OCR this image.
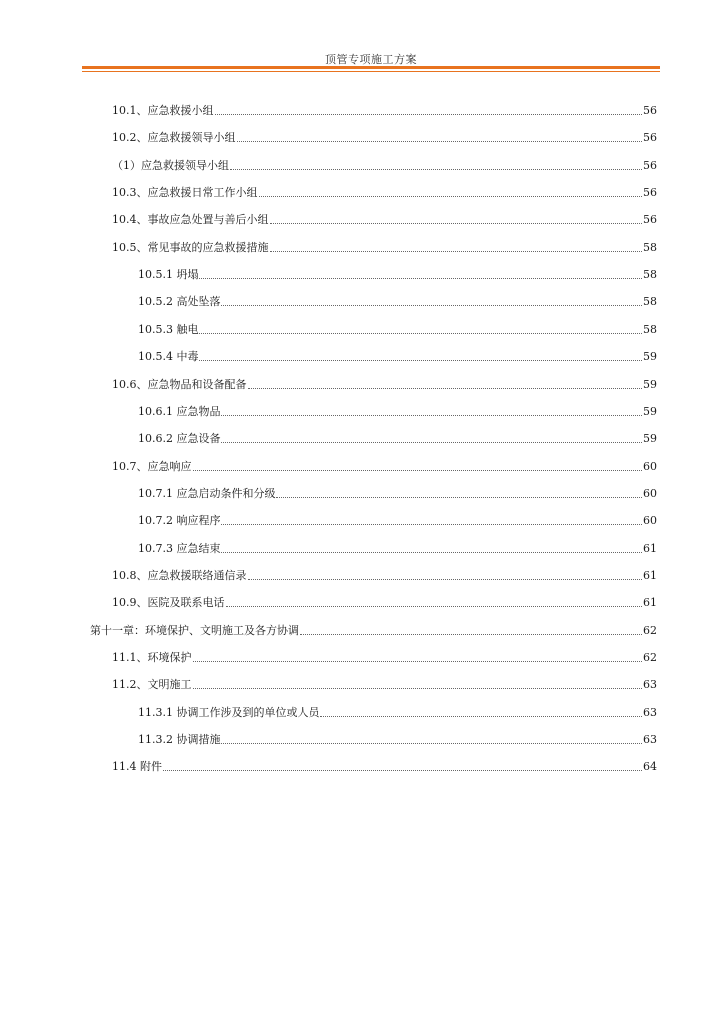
顶管专项施工方案
10.1、应急救援小组	56
10.2、应急救援领导小组	56
（1）应急救援领导小组	56
10.3、应急救援日常工作小组	56
10.4、事故应急处置与善后小组	56
10.5、常见事故的应急救援措施	58
10.5.1 坍塌	58
10.5.2 高处坠落	58
10.5.3 触电	58
10.5.4 中毒	59
10.6、应急物品和设备配备	59
10.6.1 应急物品	59
10.6.2 应急设备	59
10.7、应急响应	60
10.7.1 应急启动条件和分级	60
10.7.2 响应程序	60
10.7.3 应急结束	61
10.8、应急救援联络通信录	61
10.9、医院及联系电话	61
第十一章：环境保护、文明施工及各方协调	62
11.1、环境保护	62
11.2、文明施工	63
11.3.1 协调工作涉及到的单位或人员	63
11.3.2 协调措施	63
11.4 附件	64
